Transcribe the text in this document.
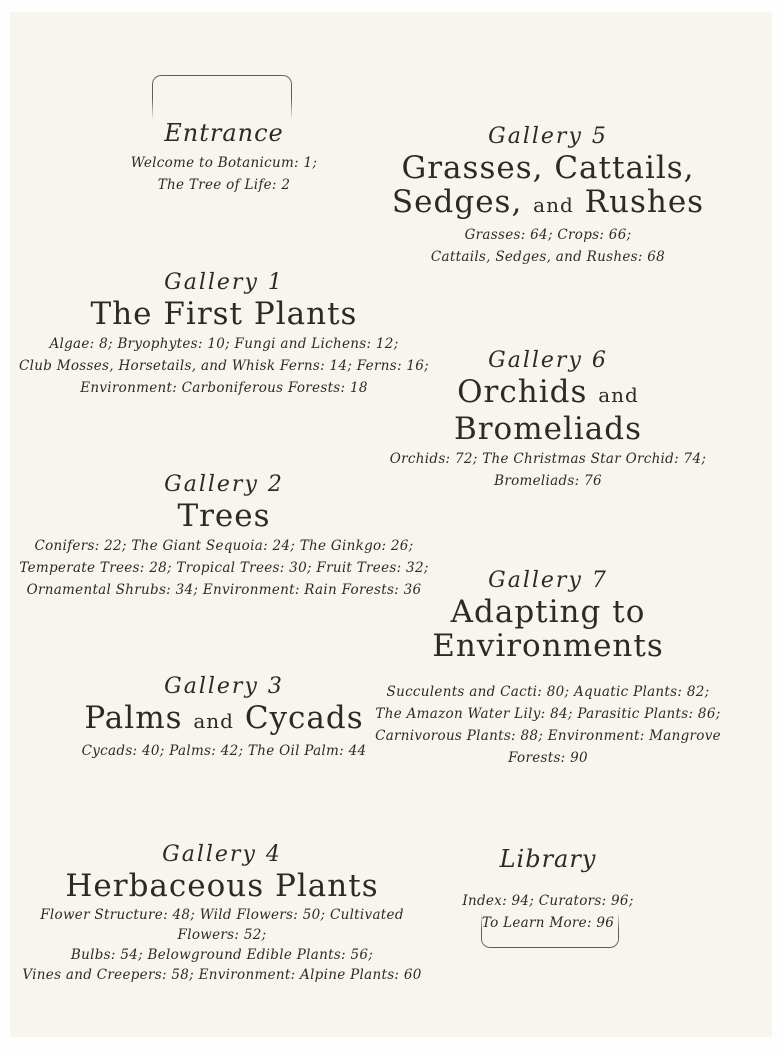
Entrance
Welcome to Botanicum: 1;
The Tree of Life: 2
Gallery 5
Grasses, Cattails,
Sedges, and Rushes
Grasses: 64; Crops: 66;
Cattails, Sedges, and Rushes: 68
Gallery 1
The First Plants
Algae: 8; Bryophytes: 10; Fungi and Lichens: 12;
Club Mosses, Horsetails, and Whisk Ferns: 14; Ferns: 16;
Environment: Carboniferous Forests: 18
Gallery 6
Orchids and
Bromeliads
Orchids: 72; The Christmas Star Orchid: 74;
Bromeliads: 76
Gallery 2
Trees
Conifers: 22; The Giant Sequoia: 24; The Ginkgo: 26;
Temperate Trees: 28; Tropical Trees: 30; Fruit Trees: 32;
Ornamental Shrubs: 34; Environment: Rain Forests: 36	Gallery 7
Adapting to
Environments
Succulents and Cacti: 80; Aquatic Plants: 82;
The Amazon Water Lily: 84; Parasitic Plants: 86;
Carnivorous Plants: 88; Environment: Mangrove Forests: 90
Gallery 3
Palms and Cycads
Cycads: 40; Palms: 42; The Oil Palm: 44
Gallery 4
Herbaceous Plants
Flower Structure: 48; Wild Flowers: 50; Cultivated Flowers: 52;
Bulbs: 54; Belowground Edible Plants: 56;
Vines and Creepers: 58; Environment: Alpine Plants: 60
Library
Index: 94; Curators: 96;
To Learn More: 96
